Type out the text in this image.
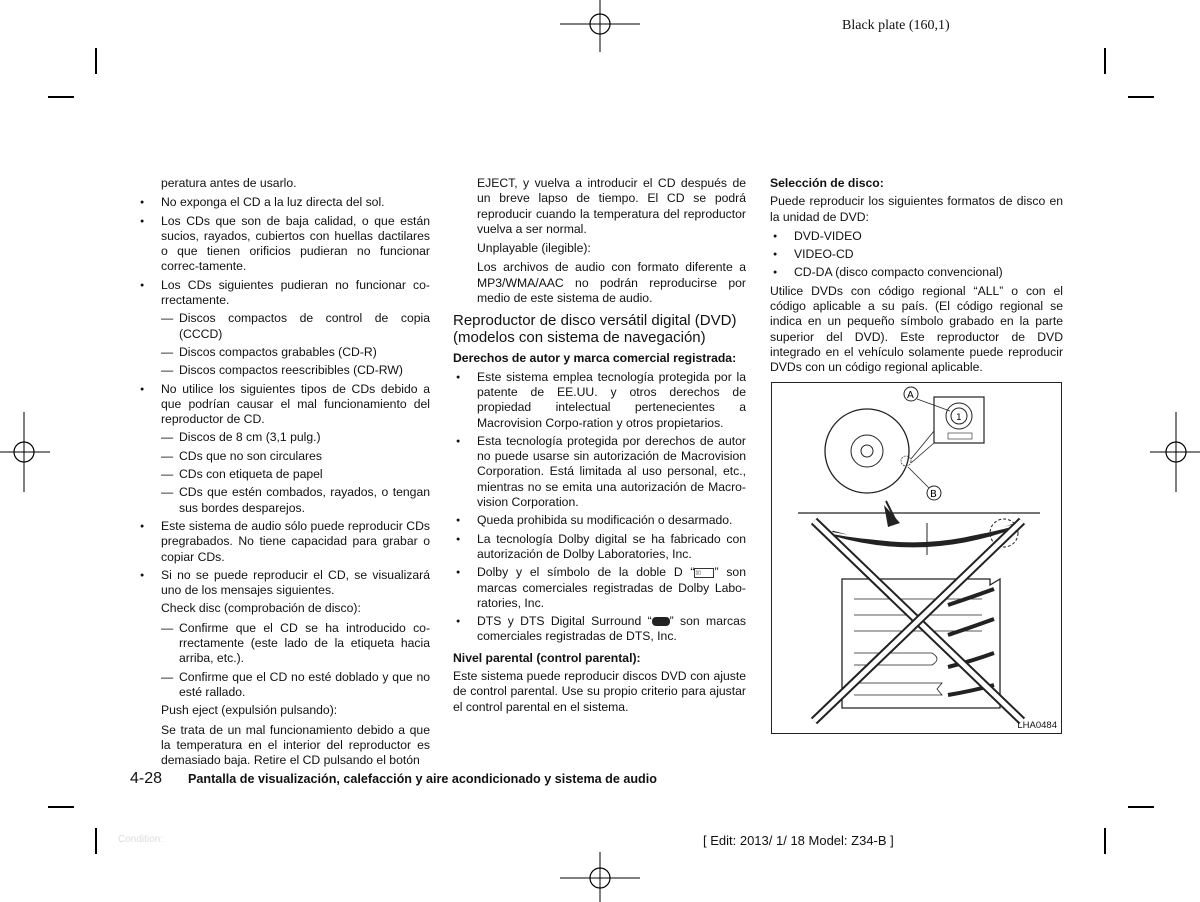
Black plate (160,1)

peratura antes de usarlo.

● No exponga el CD a la luz directa del sol.
● Los CDs que son de baja calidad, o que están sucios, rayados, cubiertos con huellas dactilares o que tienen orificios pudieran no funcionar correc-tamente.
● Los CDs siguientes pudieran no funcionar co-rrectamente.
— Discos compactos de control de copia (CCCD)
— Discos compactos grabables (CD-R)
— Discos compactos reescribibles (CD-RW)
● No utilice los siguientes tipos de CDs debido a que podrían causar el mal funcionamiento del reproductor de CD.
— Discos de 8 cm (3,1 pulg.)
— CDs que no son circulares
— CDs con etiqueta de papel
— CDs que estén combados, rayados, o tengan sus bordes desparejos.
● Este sistema de audio sólo puede reproducir CDs pregrabados. No tiene capacidad para grabar o copiar CDs.
● Si no se puede reproducir el CD, se visualizará uno de los mensajes siguientes.

Check disc (comprobación de disco):

— Confirme que el CD se ha introducido co-rrectamente (este lado de la etiqueta hacia arriba, etc.).
— Confirme que el CD no esté doblado y que no esté rallado.

Push eject (expulsión pulsando):

Se trata de un mal funcionamiento debido a que la temperatura en el interior del reproductor es demasiado baja. Retire el CD pulsando el botón

EJECT, y vuelva a introducir el CD después de un breve lapso de tiempo. El CD se podrá reproducir cuando la temperatura del reproductor vuelva a ser normal.

Unplayable (ilegible):

Los archivos de audio con formato diferente a MP3/WMA/AAC no podrán reproducirse por medio de este sistema de audio.

Reproductor de disco versátil digital (DVD) (modelos con sistema de navegación)
Derechos de autor y marca comercial registrada:
● Este sistema emplea tecnología protegida por la patente de EE.UU. y otros derechos de propiedad intelectual pertenecientes a Macrovision Corpo-ration y otros propietarios.
● Esta tecnología protegida por derechos de autor no puede usarse sin autorización de Macrovision Corporation. Está limitada al uso personal, etc., mientras no se emita una autorización de Macro-vision Corporation.
● Queda prohibida su modificación o desarmado.
● La tecnología Dolby digital se ha fabricado con autorización de Dolby Laboratories, Inc.
● Dolby y el símbolo de la doble D “▯▯ ” son marcas comerciales registradas de Dolby Labo-ratories, Inc.
● DTS y DTS Digital Surround “ ” son marcas comerciales registradas de DTS, Inc.
Nivel parental (control parental):

Este sistema puede reproducir discos DVD con ajuste de control parental. Use su propio criterio para ajustar el control parental en el sistema.

Selección de disco:

Puede reproducir los siguientes formatos de disco en la unidad de DVD:

● DVD-VIDEO
● VIDEO-CD
● CD-DA (disco compacto convencional)

Utilice DVDs con código regional “ALL” o con el código aplicable a su país. (El código regional se indica en un pequeño símbolo grabado en la parte superior del DVD). Este reproductor de DVD integrado en el vehículo solamente puede reproducir DVDs con un código regional aplicable.

1
A
B
LHA0484
4-28 Pantalla de visualización, calefacción y aire acondicionado y sistema de audio
Condition:	[ Edit: 2013/ 1/ 18 Model: Z34-B ]
